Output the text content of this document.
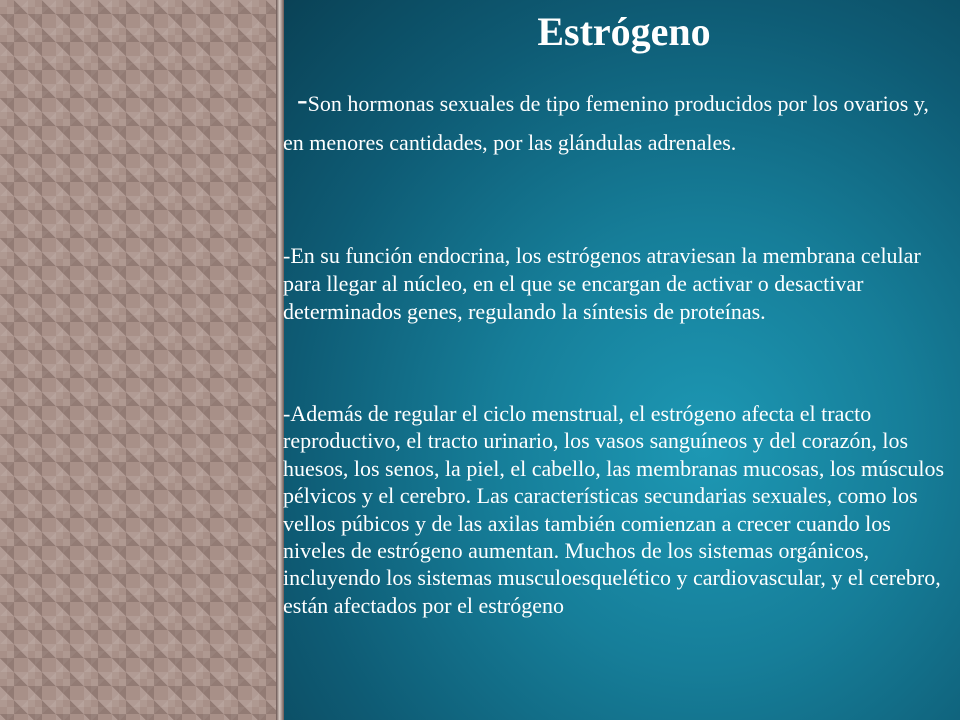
Estrógeno

-Son hormonas sexuales de tipo femenino producidos por los ovarios y, en menores cantidades, por las glándulas adrenales.

-En su función endocrina, los estrógenos atraviesan la membrana celular para llegar al núcleo, en el que se encargan de activar o desactivar determinados genes, regulando la síntesis de proteínas.

-Además de regular el ciclo menstrual, el estrógeno afecta el tracto reproductivo, el tracto urinario, los vasos sanguíneos y del corazón, los huesos, los senos, la piel, el cabello, las membranas mucosas, los músculos pélvicos y el cerebro. Las características secundarias sexuales, como los vellos púbicos y de las axilas también comienzan a crecer cuando los niveles de estrógeno aumentan. Muchos de los sistemas orgánicos, incluyendo los sistemas musculoesquelético y cardiovascular, y el cerebro, están afectados por el estrógeno
